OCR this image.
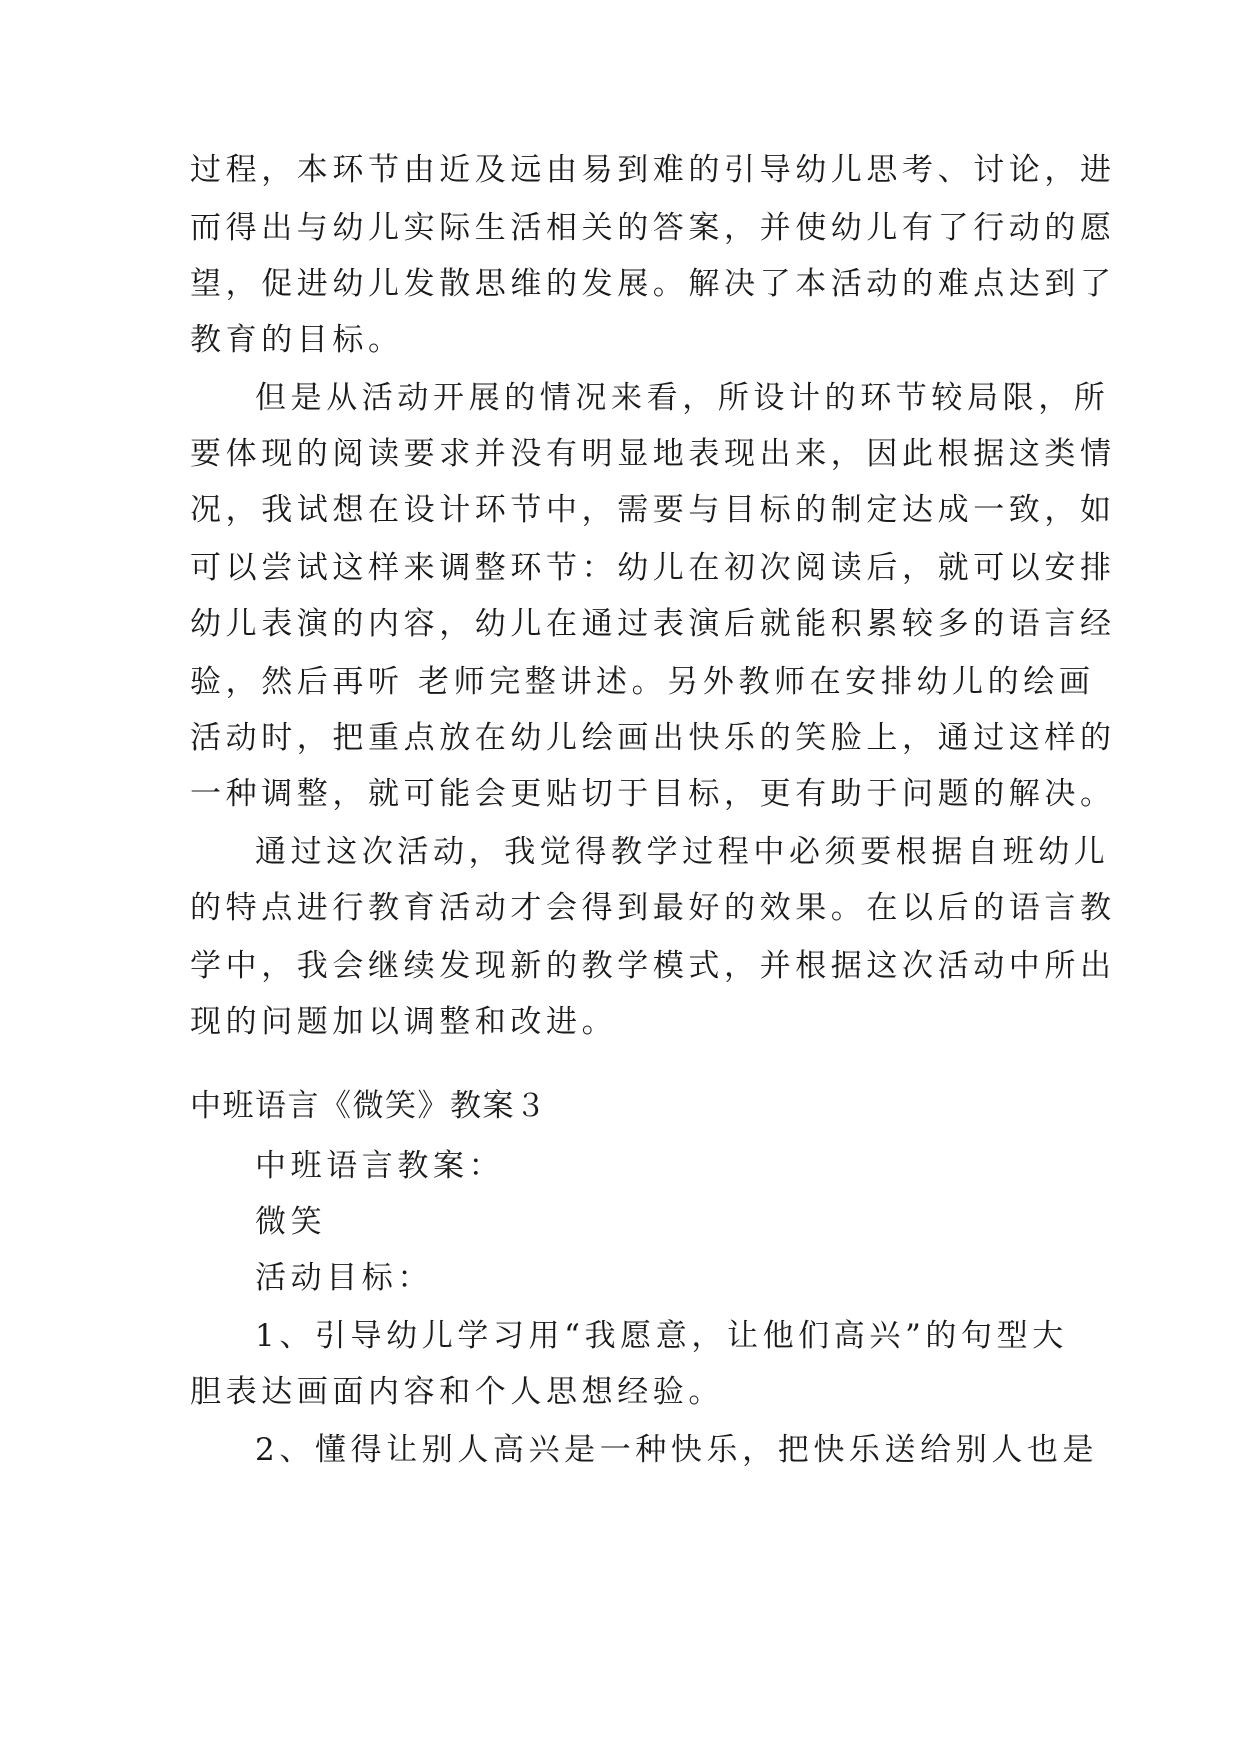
过程，本环节由近及远由易到难的引导幼儿思考、讨论，进
而得出与幼儿实际生活相关的答案，并使幼儿有了行动的愿
望，促进幼儿发散思维的发展。解决了本活动的难点达到了
教育的目标。
但是从活动开展的情况来看，所设计的环节较局限，所
要体现的阅读要求并没有明显地表现出来，因此根据这类情
况，我试想在设计环节中，需要与目标的制定达成一致，如
可以尝试这样来调整环节：幼儿在初次阅读后，就可以安排
幼儿表演的内容，幼儿在通过表演后就能积累较多的语言经
验，然后再听 老师完整讲述。另外教师在安排幼儿的绘画
活动时，把重点放在幼儿绘画出快乐的笑脸上，通过这样的
一种调整，就可能会更贴切于目标，更有助于问题的解决。
通过这次活动，我觉得教学过程中必须要根据自班幼儿
的特点进行教育活动才会得到最好的效果。在以后的语言教
学中，我会继续发现新的教学模式，并根据这次活动中所出
现的问题加以调整和改进。
中班语言《微笑》教案３
中班语言教案：
微笑
活动目标：
1、引导幼儿学习用“我愿意，让他们高兴”的句型大
胆表达画面内容和个人思想经验。
2、懂得让别人高兴是一种快乐，把快乐送给别人也是
